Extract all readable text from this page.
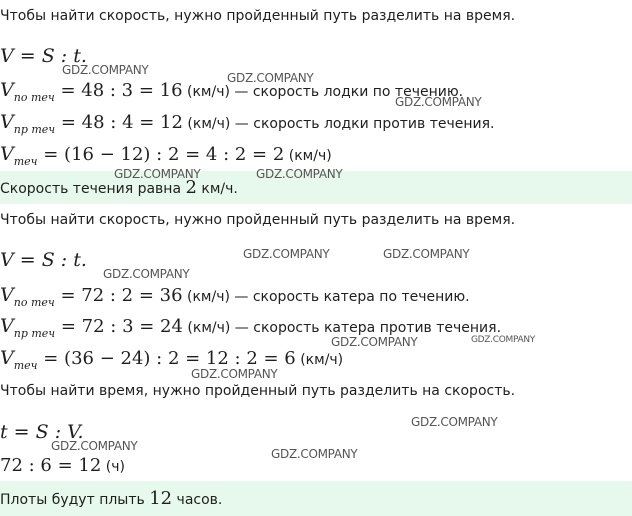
Чтобы найти скорость, нужно пройденный путь разделить на время.
V = S : t.
$V_{по теч} = 48$ : 3 = 16 (км/ч) — скорость лодки по течению.
$V_{пр теч} = 48$ : 4 = 12 (км/ч) — скорость лодки против течения.
$V_{теч} = (16 - 12)$ : 2 = 4 : 2 = 2 (км/ч)
Скорость течения равна 2 км/ч.
Чтобы найти скорость, нужно пройденный путь разделить на время.
V = S : t.
$V_{по теч} = 72$ : 2 = 36 (км/ч) — скорость катера по течению.
$V_{пр теч} = 72$ : 3 = 24 (км/ч) — скорость катера против течения.
$V_{теч} = (36 - 24)$ : 2 = 12 : 2 = 6 (км/ч)
Чтобы найти время, нужно пройденный путь разделить на скорость.
t = S : V.
72 : 6 = 12 (ч)
Плоты будут плыть 12 часов.
GDZ.COMPANY
GDZ.COMPANY
GDZ.COMPANY
GDZ.COMPANY	GDZ.COMPANY
GDZ.COMPANY	GDZ.COMPANY
GDZ.COMPANY
GDZ.COMPANY	GDZ.COMPANY
GDZ.COMPANY
GDZ.COMPANY
GDZ.COMPANY
GDZ.COMPANY
